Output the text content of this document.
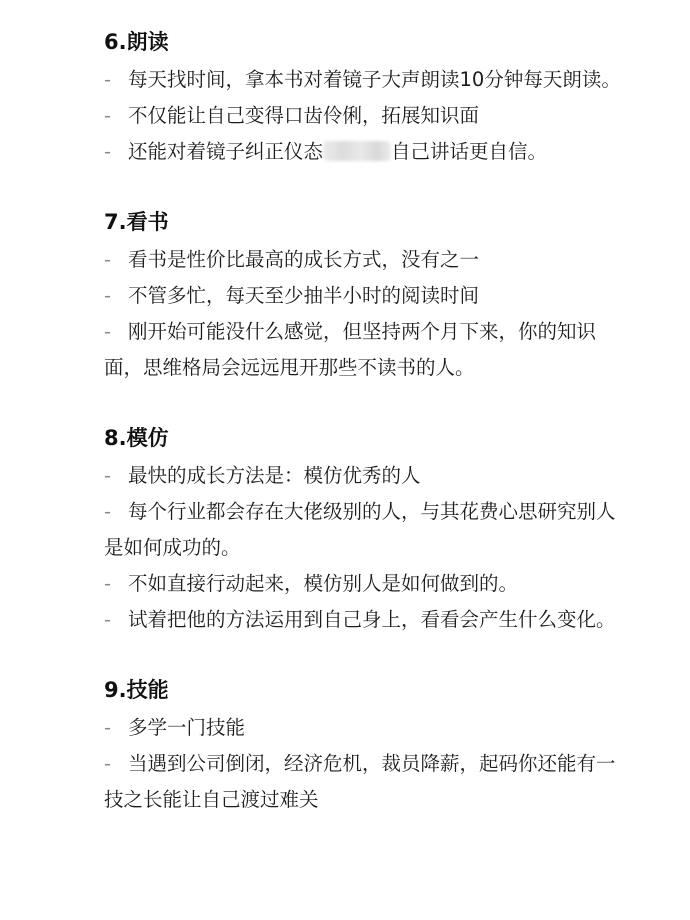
6.朗读

- 每天找时间，拿本书对着镜子大声朗读10分钟每天朗读。

- 不仅能让自己变得口齿伶俐，拓展知识面

- 还能对着镜子纠正仪态	自己讲话更自信。

7.看书

- 看书是性价比最高的成长方式，没有之一

- 不管多忙，每天至少抽半小时的阅读时间

- 刚开始可能没什么感觉，但坚持两个月下来，你的知识面，思维格局会远远甩开那些不读书的人。

8.模仿

- 最快的成长方法是：模仿优秀的人

- 每个行业都会存在大佬级别的人，与其花费心思研究别人是如何成功的。

- 不如直接行动起来，模仿别人是如何做到的。

- 试着把他的方法运用到自己身上，看看会产生什么变化。

9.技能

- 多学一门技能

- 当遇到公司倒闭，经济危机，裁员降薪，起码你还能有一技之长能让自己渡过难关
